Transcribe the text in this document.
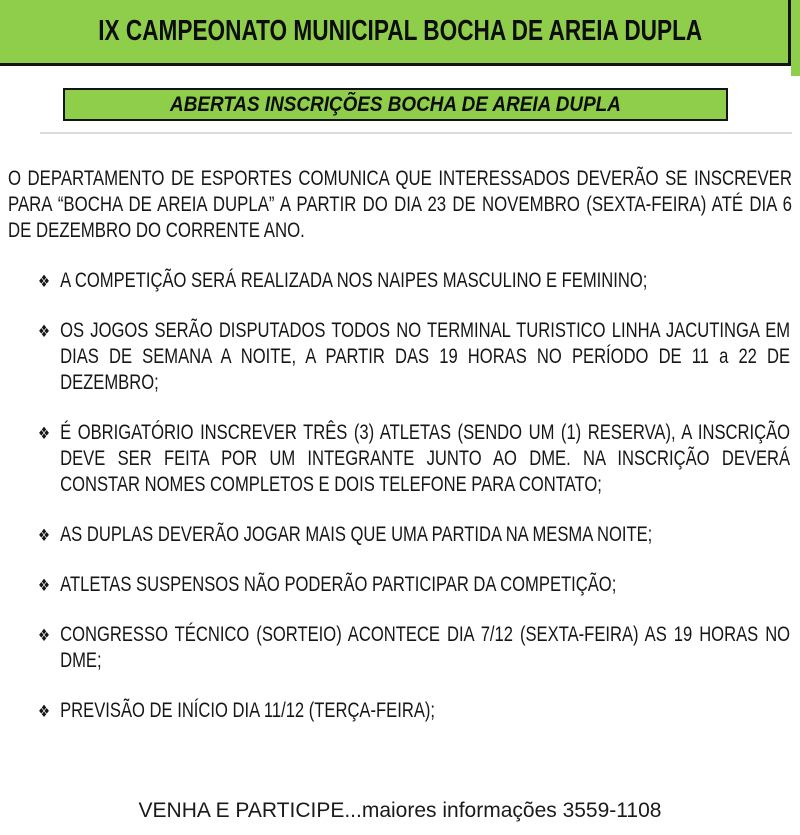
IX CAMPEONATO MUNICIPAL BOCHA DE AREIA DUPLA
ABERTAS INSCRIÇÕES BOCHA DE AREIA DUPLA

O DEPARTAMENTO DE ESPORTES COMUNICA QUE INTERESSADOS DEVERÃO SE INSCREVER PARA “BOCHA DE AREIA DUPLA” A PARTIR DO DIA 23 DE NOVEMBRO (SEXTA-FEIRA) ATÉ DIA 6 DE DEZEMBRO DO CORRENTE ANO.

❖ A COMPETIÇÃO SERÁ REALIZADA NOS NAIPES MASCULINO E FEMININO;
❖ OS JOGOS SERÃO DISPUTADOS TODOS NO TERMINAL TURISTICO LINHA JACUTINGA EM DIAS DE SEMANA A NOITE, A PARTIR DAS 19 HORAS NO PERÍODO DE 11 a 22 DE DEZEMBRO;
❖ É OBRIGATÓRIO INSCREVER TRÊS (3) ATLETAS (SENDO UM (1) RESERVA), A INSCRIÇÃO DEVE SER FEITA POR UM INTEGRANTE JUNTO AO DME. NA INSCRIÇÃO DEVERÁ CONSTAR NOMES COMPLETOS E DOIS TELEFONE PARA CONTATO;
❖ AS DUPLAS DEVERÃO JOGAR MAIS QUE UMA PARTIDA NA MESMA NOITE;
❖ ATLETAS SUSPENSOS NÃO PODERÃO PARTICIPAR DA COMPETIÇÃO;
❖ CONGRESSO TÉCNICO (SORTEIO) ACONTECE DIA 7/12 (SEXTA-FEIRA) AS 19 HORAS NO DME;
❖ PREVISÃO DE INÍCIO DIA 11/12 (TERÇA-FEIRA);
VENHA E PARTICIPE...maiores informações 3559-1108
